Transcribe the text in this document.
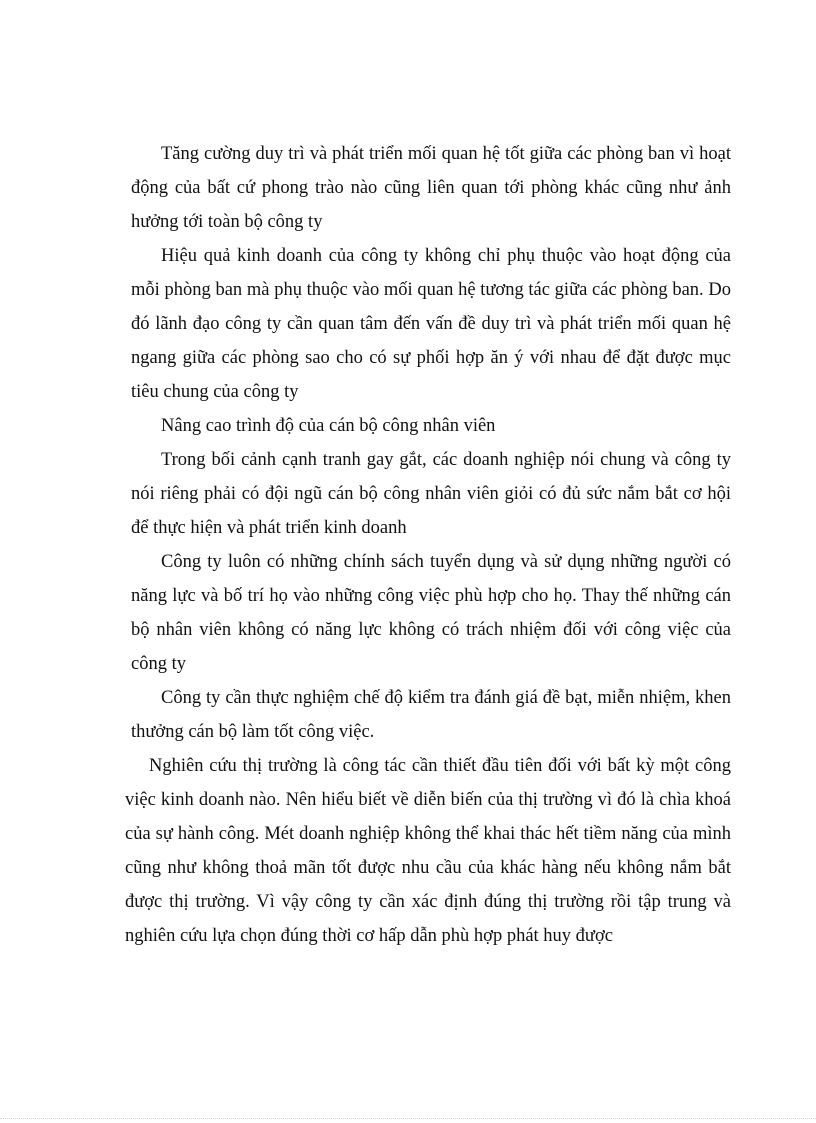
Tăng cường duy trì và phát triển mối quan hệ tốt giữa các phòng ban vì hoạt động của bất cứ phong trào nào cũng liên quan tới phòng khác cũng như ảnh hưởng tới toàn bộ công ty

Hiệu quả kinh doanh của công ty không chỉ phụ thuộc vào hoạt động của mỗi phòng ban mà phụ thuộc vào mối quan hệ tương tác giữa các phòng ban. Do đó lãnh đạo công ty cần quan tâm đến vấn đề duy trì và phát triển mối quan hệ ngang giữa các phòng sao cho có sự phối hợp ăn ý với nhau để đặt được mục tiêu chung của công ty

Nâng cao trình độ của cán bộ công nhân viên

Trong bối cảnh cạnh tranh gay gắt, các doanh nghiệp nói chung và công ty nói riêng phải có đội ngũ cán bộ công nhân viên giỏi có đủ sức nắm bắt cơ hội để thực hiện và phát triển kinh doanh

Công ty luôn có những chính sách tuyển dụng và sử dụng những người có năng lực và bố trí họ vào những công việc phù hợp cho họ. Thay thế những cán bộ nhân viên không có năng lực không có trách nhiệm đối với công việc của công ty

Công ty cần thực nghiệm chế độ kiểm tra đánh giá đề bạt, miễn nhiệm, khen thưởng cán bộ làm tốt công việc.

Nghiên cứu thị trường là công tác cần thiết đầu tiên đối với bất kỳ một công việc kinh doanh nào. Nên hiểu biết về diễn biến của thị trường vì đó là chìa khoá của sự hành công. Mét doanh nghiệp không thể khai thác hết tiềm năng của mình cũng như không thoả mãn tốt được nhu cầu của khác hàng nếu không nắm bắt được thị trường. Vì vậy công ty cần xác định đúng thị trường rồi tập trung và nghiên cứu lựa chọn đúng thời cơ hấp dẫn phù hợp phát huy được
